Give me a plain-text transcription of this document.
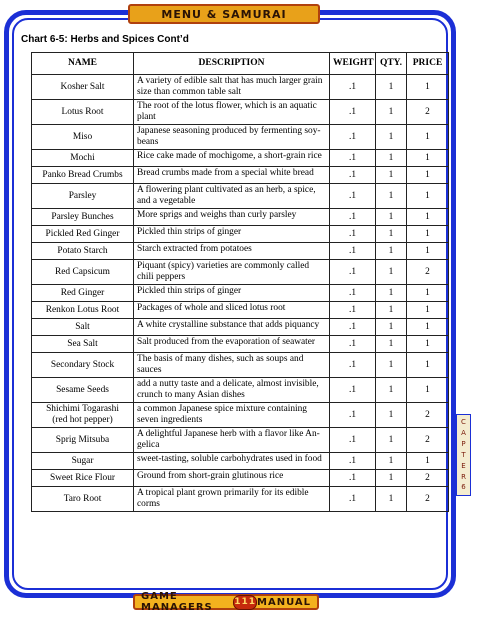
MENU & SAMURAI
Chart 6-5: Herbs and Spices Cont’d
NAME	DESCRIPTION	WEIGHT	QTY.	PRICE
Kosher Salt	A variety of edible salt that has much larger grain size than common table salt	.1	1	1
Lotus Root	The root of the lotus flower, which is an aquatic plant	.1	1	2
Miso	Japanese seasoning produced by fermenting soy-beans	.1	1	1
Mochi	Rice cake made of mochigome, a short-grain rice	.1	1	1
Panko Bread Crumbs	Bread crumbs made from a special white bread	.1	1	1
Parsley	A flowering plant cultivated as an herb, a spice, and a vegetable	.1	1	1
Parsley Bunches	More sprigs and weighs than curly parsley	.1	1	1
Pickled Red Ginger	Pickled thin strips of ginger	.1	1	1
Potato Starch	Starch extracted from potatoes	.1	1	1
Red Capsicum	Piquant (spicy) varieties are commonly called chili peppers	.1	1	2
Red Ginger	Pickled thin strips of ginger	.1	1	1
Renkon Lotus Root	Packages of whole and sliced lotus root	.1	1	1
Salt	A white crystalline substance that adds piquancy	.1	1	1
Sea Salt	Salt produced from the evaporation of seawater	.1	1	1
Secondary Stock	The basis of many dishes, such as soups and sauces	.1	1	1
Sesame Seeds	add a nutty taste and a delicate, almost invisible, crunch to many Asian dishes	.1	1	1
Shichimi Togarashi
(red hot pepper)	a common Japanese spice mixture containing seven ingredients	.1	1	2
Sprig Mitsuba	A delightful Japanese herb with a flavor like An-gelica	.1	1	2
Sugar	sweet-tasting, soluble carbohydrates used in food	.1	1	1
Sweet Rice Flour	Ground from short-grain glutinous rice	.1	1	2
Taro Root	A tropical plant grown primarily for its edible corms	.1	1	2
C
A
P
T
E
R
6
GAME MANAGERS	111 MANUAL
